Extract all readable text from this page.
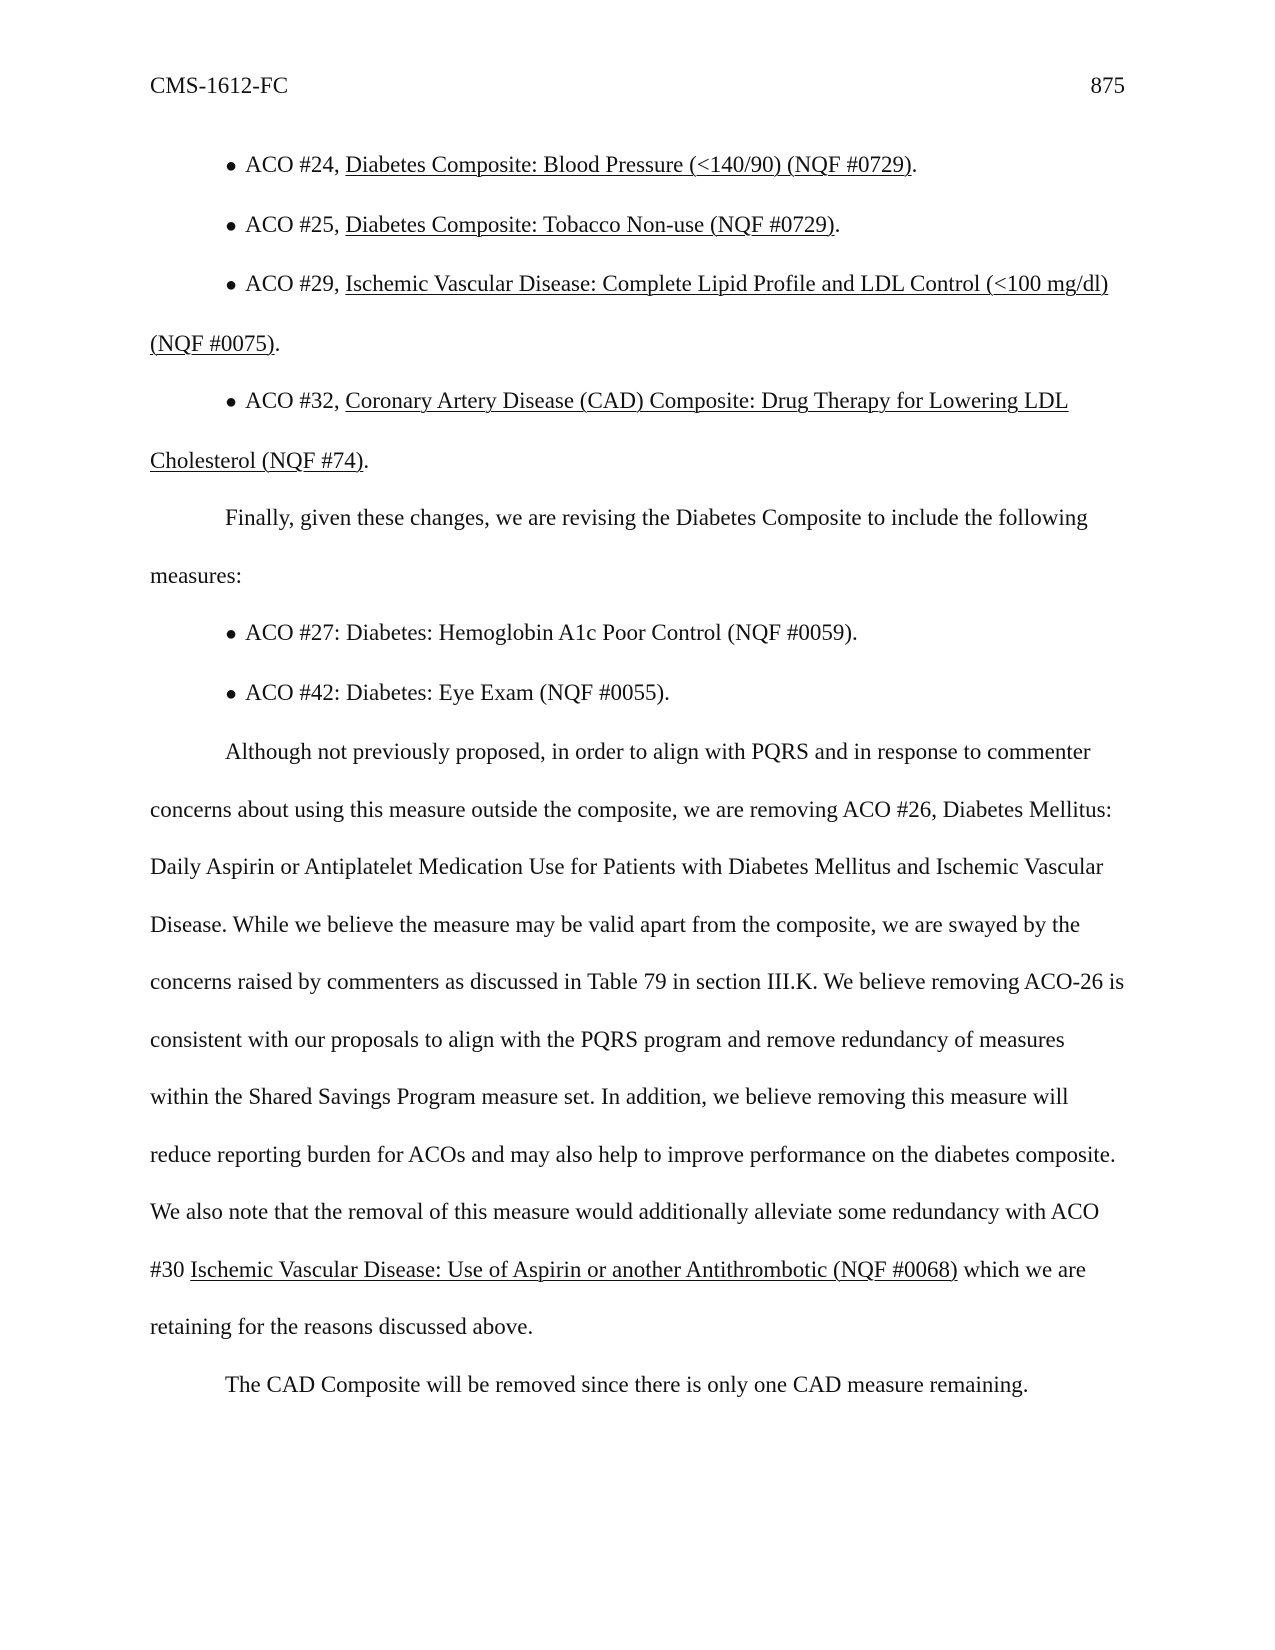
CMS-1612-FC	875

● ACO #24, Diabetes Composite: Blood Pressure (<140/90) (NQF #0729).

● ACO #25, Diabetes Composite: Tobacco Non-use (NQF #0729).

● ACO #29, Ischemic Vascular Disease: Complete Lipid Profile and LDL Control (<100 mg/dl) (NQF #0075).

● ACO #32, Coronary Artery Disease (CAD) Composite: Drug Therapy for Lowering LDL Cholesterol (NQF #74).

Finally, given these changes, we are revising the Diabetes Composite to include the following measures:

● ACO #27: Diabetes: Hemoglobin A1c Poor Control (NQF #0059).

● ACO #42: Diabetes: Eye Exam (NQF #0055).

Although not previously proposed, in order to align with PQRS and in response to commenter concerns about using this measure outside the composite, we are removing ACO #26, Diabetes Mellitus: Daily Aspirin or Antiplatelet Medication Use for Patients with Diabetes Mellitus and Ischemic Vascular Disease. While we believe the measure may be valid apart from the composite, we are swayed by the concerns raised by commenters as discussed in Table 79 in section III.K. We believe removing ACO-26 is consistent with our proposals to align with the PQRS program and remove redundancy of measures within the Shared Savings Program measure set. In addition, we believe removing this measure will reduce reporting burden for ACOs and may also help to improve performance on the diabetes composite. We also note that the removal of this measure would additionally alleviate some redundancy with ACO #30 Ischemic Vascular Disease: Use of Aspirin or another Antithrombotic (NQF #0068) which we are retaining for the reasons discussed above.

The CAD Composite will be removed since there is only one CAD measure remaining.
